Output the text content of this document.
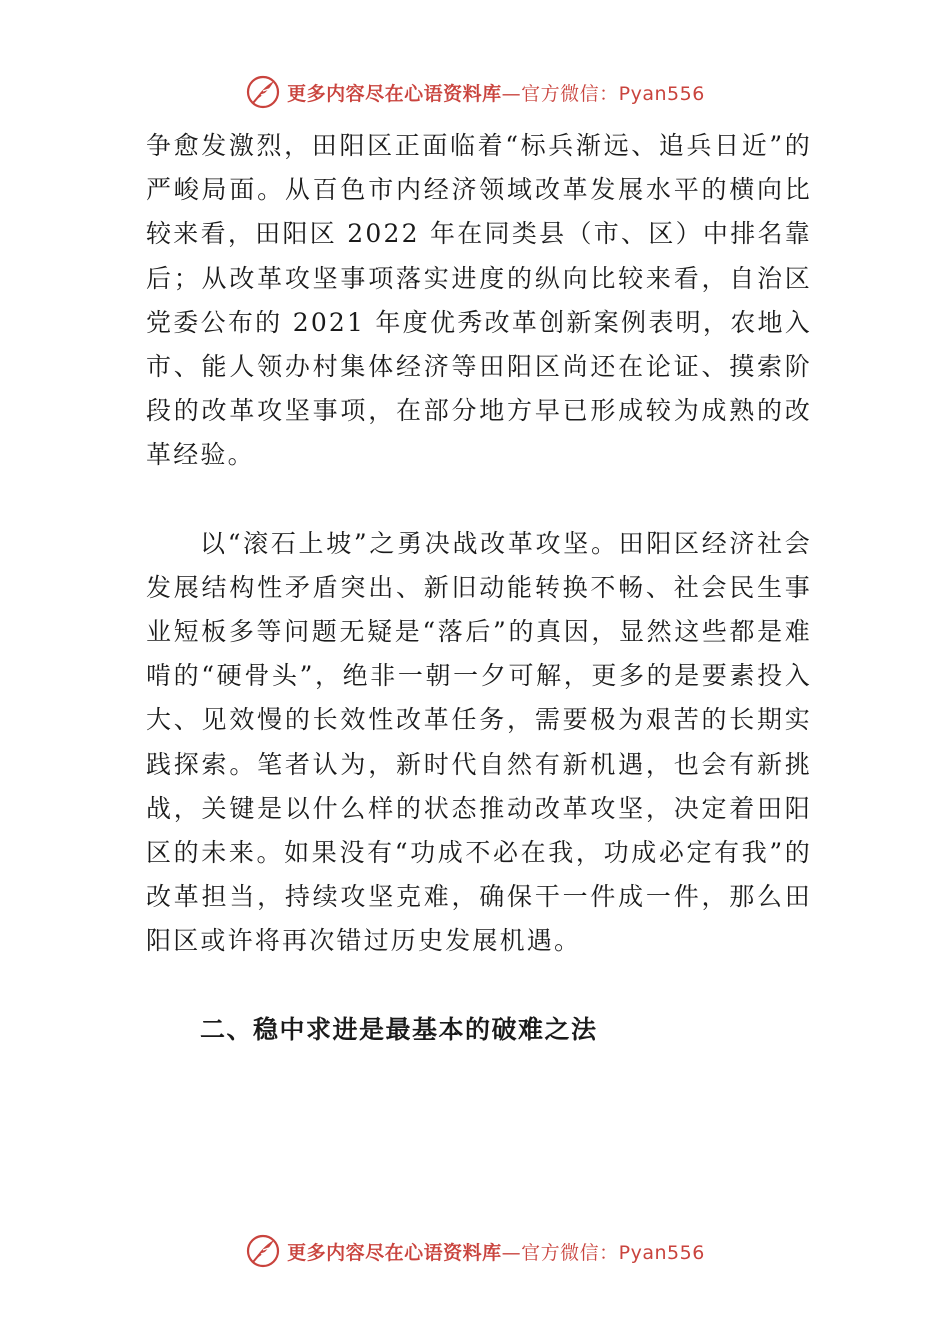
更多内容尽在心语资料库—官方微信：Pyan556

争愈发激烈，田阳区正面临着“标兵渐远、追兵日近”的严峻局面。从百色市内经济领域改革发展水平的横向比较来看，田阳区 2022 年在同类县（市、区）中排名靠后；从改革攻坚事项落实进度的纵向比较来看，自治区党委公布的 2021 年度优秀改革创新案例表明，农地入市、能人领办村集体经济等田阳区尚还在论证、摸索阶段的改革攻坚事项，在部分地方早已形成较为成熟的改革经验。

以“滚石上坡”之勇决战改革攻坚。田阳区经济社会发展结构性矛盾突出、新旧动能转换不畅、社会民生事业短板多等问题无疑是“落后”的真因，显然这些都是难啃的“硬骨头”，绝非一朝一夕可解，更多的是要素投入大、见效慢的长效性改革任务，需要极为艰苦的长期实践探索。笔者认为，新时代自然有新机遇，也会有新挑战，关键是以什么样的状态推动改革攻坚，决定着田阳区的未来。如果没有“功成不必在我，功成必定有我”的改革担当，持续攻坚克难，确保干一件成一件，那么田阳区或许将再次错过历史发展机遇。

二、稳中求进是最基本的破难之法
更多内容尽在心语资料库—官方微信：Pyan556
